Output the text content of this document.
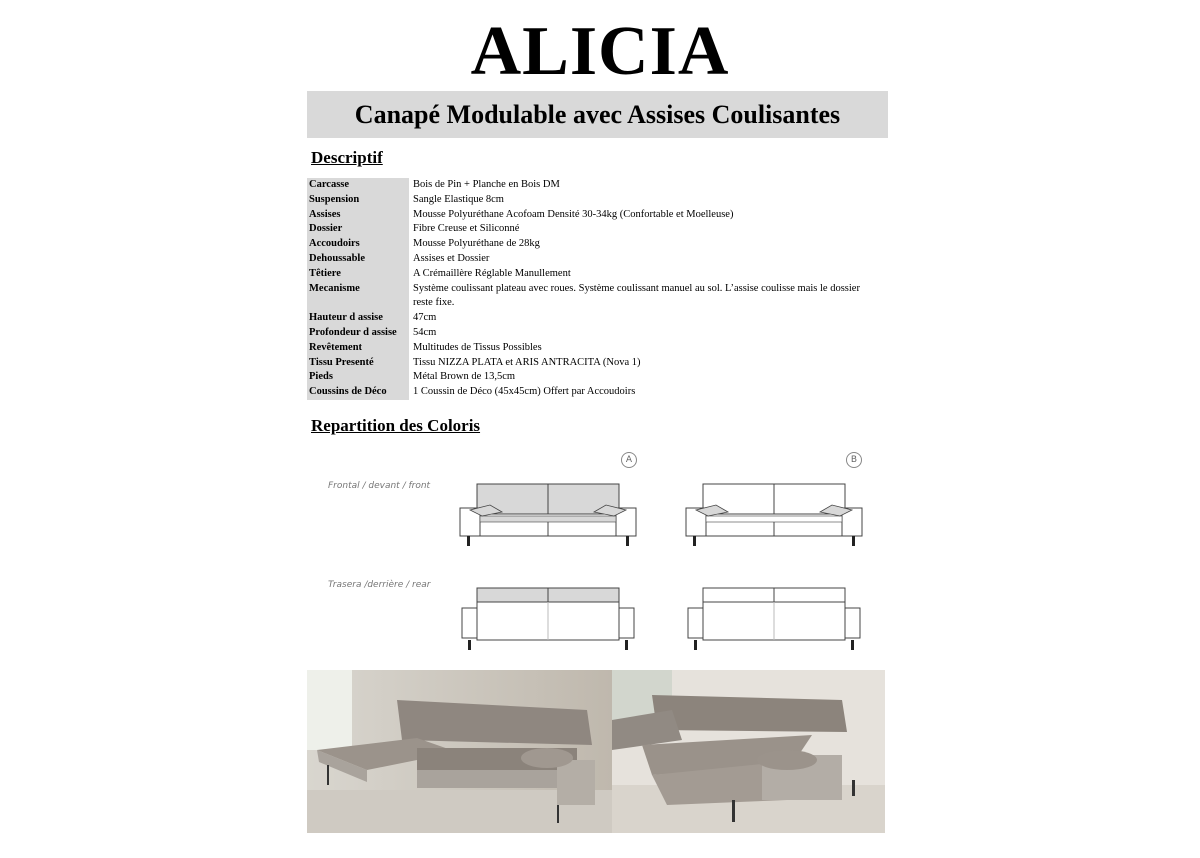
ALICIA
Canapé Modulable avec Assises Coulisantes
Descriptif
Carcasse	Bois de Pin + Planche en Bois DM
Suspension	Sangle Elastique 8cm
Assises	Mousse Polyuréthane Acofoam Densité 30-34kg (Confortable et Moelleuse)
Dossier	Fibre Creuse et Siliconné
Accoudoirs	Mousse Polyuréthane de 28kg
Dehoussable	Assises et Dossier
Têtiere	A Crémaillère Réglable Manullement
Mecanisme	Système coulissant plateau avec roues. Système coulissant manuel au sol. L’assise coulisse mais le dossier reste fixe.
Hauteur d assise	47cm
Profondeur d assise	54cm
Revêtement	Multitudes de Tissus Possibles
Tissu Presenté	Tissu NIZZA PLATA et ARIS ANTRACITA (Nova 1)
Pieds	Métal Brown de 13,5cm
Coussins de Déco	1 Coussin de Déco (45x45cm) Offert par Accoudoirs
Repartition des Coloris
A	B
Frontal / devant / front
Trasera /derrière / rear
